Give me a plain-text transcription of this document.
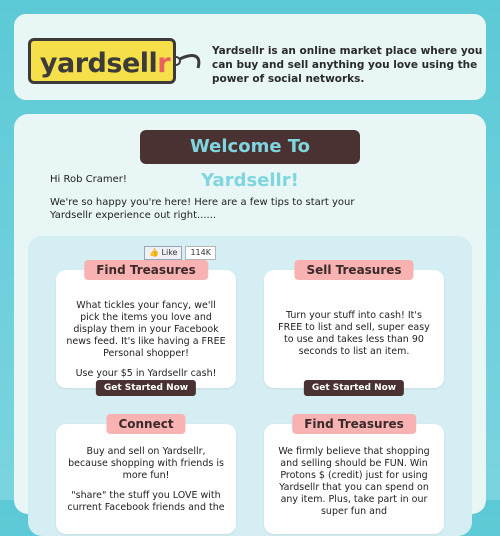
yardsellr	Yardsellr is an online market place where you can buy and sell anything you love using the power of social networks.
Welcome To Yardsellr!
Hi Rob Cramer!
We're so happy you're here! Here are a few tips to start your Yardsellr experience out right......
👍 Like	114K
Find Treasures

What tickles your fancy, we'll pick the items you love and display them in your Facebook news feed. It's like having a FREE Personal shopper!

Use your $5 in Yardsellr cash!

Get Started Now
Sell Treasures

Turn your stuff into cash! It's FREE to list and sell, super easy to use and takes less than 90 seconds to list an item.

Get Started Now
Connect

Buy and sell on Yardsellr, because shopping with friends is more fun!

"share" the stuff you LOVE with current Facebook friends and the

Find Treasures

We firmly believe that shopping and selling should be FUN. Win Protons $ (credit) just for using Yardsellr that you can spend on any item. Plus, take part in our super fun and
